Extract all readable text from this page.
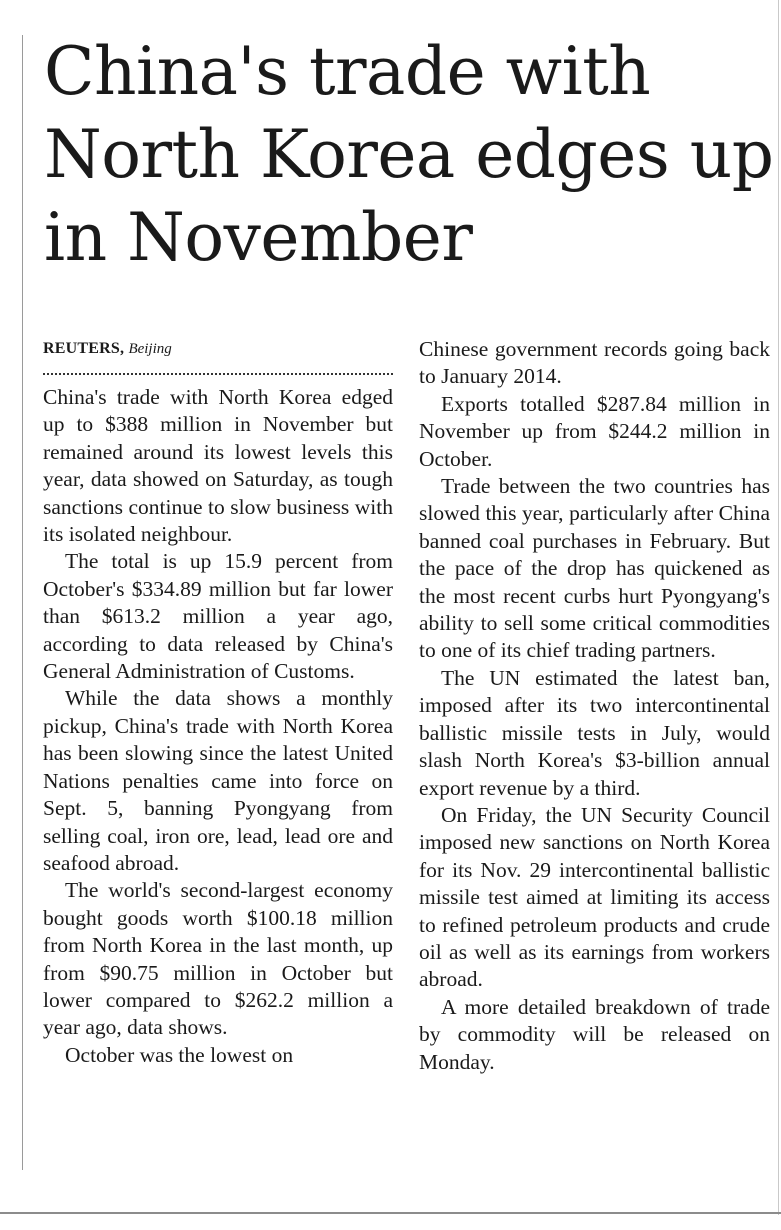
China's trade with North Korea edges up in November
REUTERS, Beijing

China's trade with North Korea edged up to $388 million in November but remained around its lowest levels this year, data showed on Saturday, as tough sanctions continue to slow business with its isolated neighbour.

The total is up 15.9 percent from October's $334.89 million but far lower than $613.2 million a year ago, according to data released by China's General Administration of Customs.

While the data shows a monthly pickup, China's trade with North Korea has been slowing since the latest United Nations penalties came into force on Sept. 5, banning Pyongyang from selling coal, iron ore, lead, lead ore and seafood abroad.

The world's second-largest economy bought goods worth $100.18 million from North Korea in the last month, up from $90.75 million in October but lower compared to $262.2 million a year ago, data shows.

October was the lowest on

Chinese government records going back to January 2014.

Exports totalled $287.84 million in November up from $244.2 million in October.

Trade between the two countries has slowed this year, particularly after China banned coal purchases in February. But the pace of the drop has quickened as the most recent curbs hurt Pyongyang's ability to sell some critical commodities to one of its chief trading partners.

The UN estimated the latest ban, imposed after its two intercontinental ballistic missile tests in July, would slash North Korea's $3-billion annual export revenue by a third.

On Friday, the UN Security Council imposed new sanctions on North Korea for its Nov. 29 intercontinental ballistic missile test aimed at limiting its access to refined petroleum products and crude oil as well as its earnings from workers abroad.

A more detailed breakdown of trade by commodity will be released on Monday.
